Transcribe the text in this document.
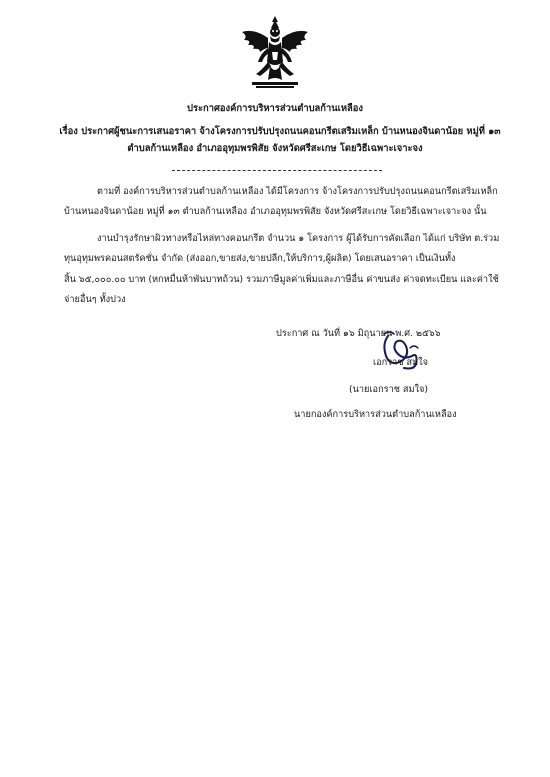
ประกาศองค์การบริหารส่วนตำบลก้านเหลือง
เรื่อง ประกาศผู้ชนะการเสนอราคา จ้างโครงการปรับปรุงถนนคอนกรีตเสริมเหล็ก บ้านหนองจินดาน้อย หมู่ที่ ๑๓
ตำบลก้านเหลือง อำเภออุทุมพรพิสัย จังหวัดศรีสะเกษ โดยวิธีเฉพาะเจาะจง
ตามที่ องค์การบริหารส่วนตำบลก้านเหลือง ได้มีโครงการ จ้างโครงการปรับปรุงถนนคอนกรีตเสริมเหล็ก
บ้านหนองจินดาน้อย หมู่ที่ ๑๓ ตำบลก้านเหลือง อำเภออุทุมพรพิสัย จังหวัดศรีสะเกษ โดยวิธีเฉพาะเจาะจง นั้น
งานบำรุงรักษาผิวทางหรือไหล่ทางคอนกรีต จำนวน ๑ โครงการ ผู้ได้รับการคัดเลือก ได้แก่ บริษัท ต.ร่วม
ทุนอุทุมพรคอนสตรัคชั่น จำกัด (ส่งออก,ขายส่ง,ขายปลีก,ให้บริการ,ผู้ผลิต) โดยเสนอราคา เป็นเงินทั้ง
สิ้น ๖๕,๐๐๐.๐๐ บาท (หกหมื่นห้าพันบาทถ้วน) รวมภาษีมูลค่าเพิ่มและภาษีอื่น ค่าขนส่ง ค่าจดทะเบียน และค่าใช้
จ่ายอื่นๆ ทั้งปวง
ประกาศ ณ วันที่ ๑๖ มิถุนายน พ.ศ. ๒๕๖๖
เอกราช สมใจ
(นายเอกราช สมใจ)
นายกองค์การบริหารส่วนตำบลก้านเหลือง
